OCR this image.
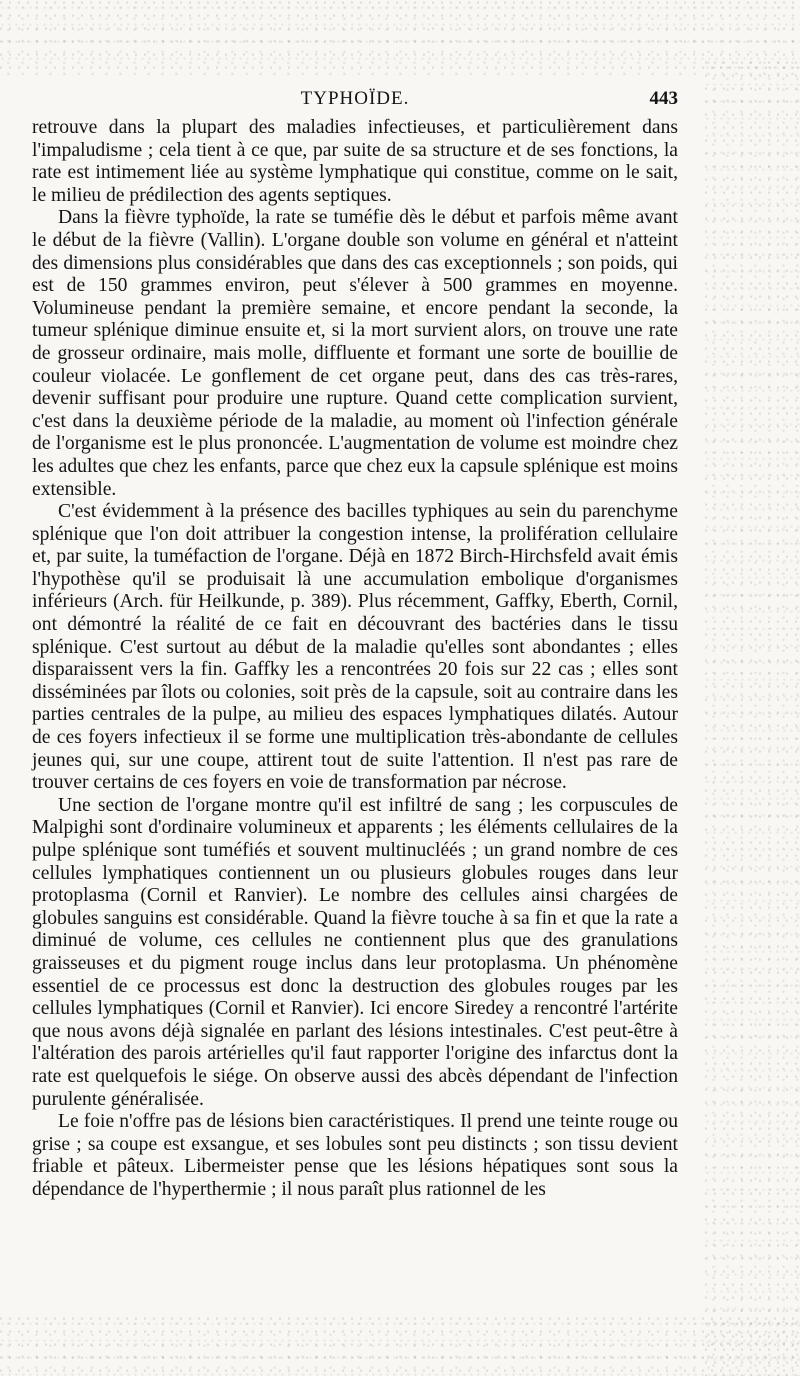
TYPHOÏDE.	443

retrouve dans la plupart des maladies infectieuses, et particulièrement dans l'impaludisme ; cela tient à ce que, par suite de sa structure et de ses fonctions, la rate est intimement liée au système lymphatique qui constitue, comme on le sait, le milieu de prédilection des agents septiques.

Dans la fièvre typhoïde, la rate se tuméfie dès le début et parfois même avant le début de la fièvre (Vallin). L'organe double son volume en général et n'atteint des dimensions plus considérables que dans des cas exceptionnels ; son poids, qui est de 150 grammes environ, peut s'élever à 500 grammes en moyenne. Volumineuse pendant la première semaine, et encore pendant la seconde, la tumeur splénique diminue ensuite et, si la mort survient alors, on trouve une rate de grosseur ordinaire, mais molle, diffluente et formant une sorte de bouillie de couleur violacée. Le gonflement de cet organe peut, dans des cas très-rares, devenir suffisant pour produire une rupture. Quand cette complication survient, c'est dans la deuxième période de la maladie, au moment où l'infection générale de l'organisme est le plus prononcée. L'augmentation de volume est moindre chez les adultes que chez les enfants, parce que chez eux la capsule splénique est moins extensible.

C'est évidemment à la présence des bacilles typhiques au sein du parenchyme splénique que l'on doit attribuer la congestion intense, la prolifération cellulaire et, par suite, la tuméfaction de l'organe. Déjà en 1872 Birch-Hirchsfeld avait émis l'hypothèse qu'il se produisait là une accumulation embolique d'organismes inférieurs (Arch. für Heilkunde, p. 389). Plus récemment, Gaffky, Eberth, Cornil, ont démontré la réalité de ce fait en découvrant des bactéries dans le tissu splénique. C'est surtout au début de la maladie qu'elles sont abondantes ; elles disparaissent vers la fin. Gaffky les a rencontrées 20 fois sur 22 cas ; elles sont disséminées par îlots ou colonies, soit près de la capsule, soit au contraire dans les parties centrales de la pulpe, au milieu des espaces lymphatiques dilatés. Autour de ces foyers infectieux il se forme une multiplication très-abondante de cellules jeunes qui, sur une coupe, attirent tout de suite l'attention. Il n'est pas rare de trouver certains de ces foyers en voie de transformation par nécrose.

Une section de l'organe montre qu'il est infiltré de sang ; les corpuscules de Malpighi sont d'ordinaire volumineux et apparents ; les éléments cellulaires de la pulpe splénique sont tuméfiés et souvent multinucléés ; un grand nombre de ces cellules lymphatiques contiennent un ou plusieurs globules rouges dans leur protoplasma (Cornil et Ranvier). Le nombre des cellules ainsi chargées de globules sanguins est considérable. Quand la fièvre touche à sa fin et que la rate a diminué de volume, ces cellules ne contiennent plus que des granulations graisseuses et du pigment rouge inclus dans leur protoplasma. Un phénomène essentiel de ce processus est donc la destruction des globules rouges par les cellules lymphatiques (Cornil et Ranvier). Ici encore Siredey a rencontré l'artérite que nous avons déjà signalée en parlant des lésions intestinales. C'est peut-être à l'altération des parois artérielles qu'il faut rapporter l'origine des infarctus dont la rate est quelquefois le siége. On observe aussi des abcès dépendant de l'infection purulente généralisée.

Le foie n'offre pas de lésions bien caractéristiques. Il prend une teinte rouge ou grise ; sa coupe est exsangue, et ses lobules sont peu distincts ; son tissu devient friable et pâteux. Libermeister pense que les lésions hépatiques sont sous la dépendance de l'hyperthermie ; il nous paraît plus rationnel de les
